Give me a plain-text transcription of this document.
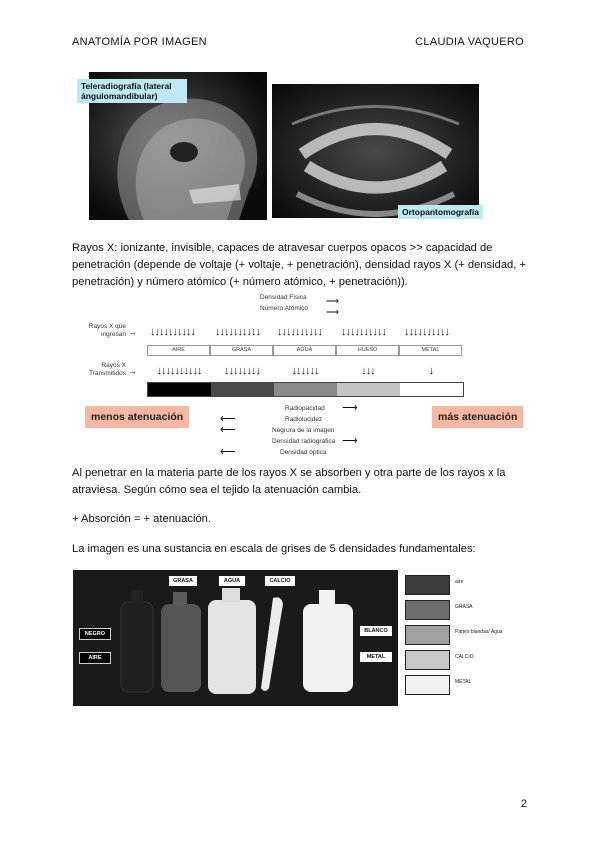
ANATOMÍA POR IMAGEN	CLAUDIA VAQUERO
Teleradiografía (lateral ángulomandibular)
Ortopantomografía
Rayos X: ionizante, invisible, capaces de atravesar cuerpos opacos >> capacidad de penetración (depende de voltaje (+ voltaje, + penetración), densidad rayos X (+ densidad, + penetración) y número atómico (+ número atómico, + penetración)).
Densidad Física
Número Atómico
⟶
⟶
Rayos X que ingresan → ↓↓↓↓↓↓↓↓↓↓ ↓↓↓↓↓↓↓↓↓↓ ↓↓↓↓↓↓↓↓↓↓ ↓↓↓↓↓↓↓↓↓↓ ↓↓↓↓↓↓↓↓↓↓
AIRE	GRASA	AGUA	HUESO	METAL
Rayos X Transmitidos →	↓↓↓↓↓↓↓↓↓↓	↓↓↓↓↓↓↓↓	↓↓↓↓↓↓	↓↓↓	↓
Radiopacidad ⟶
Radiolucidez
⟵
Negrura de la imagen
⟵
Densidad radiográfica ⟶
Densidad óptica
⟵
menos atenuación	más atenuación
Al penetrar en la materia parte de los rayos X se absorben y otra parte de los rayos x la atraviesa. Según cómo sea el tejido la atenuación cambia.
+ Absorción = + atenuación.
La imagen es una sustancia en escala de grises de 5 densidades fundamentales:
GRASA	AGUA	CALCIO
NEGRO
AIRE
BLANCO
METAL
aire
GRASA
Partes blandas/ Agua
CALCIO
METAL
2
